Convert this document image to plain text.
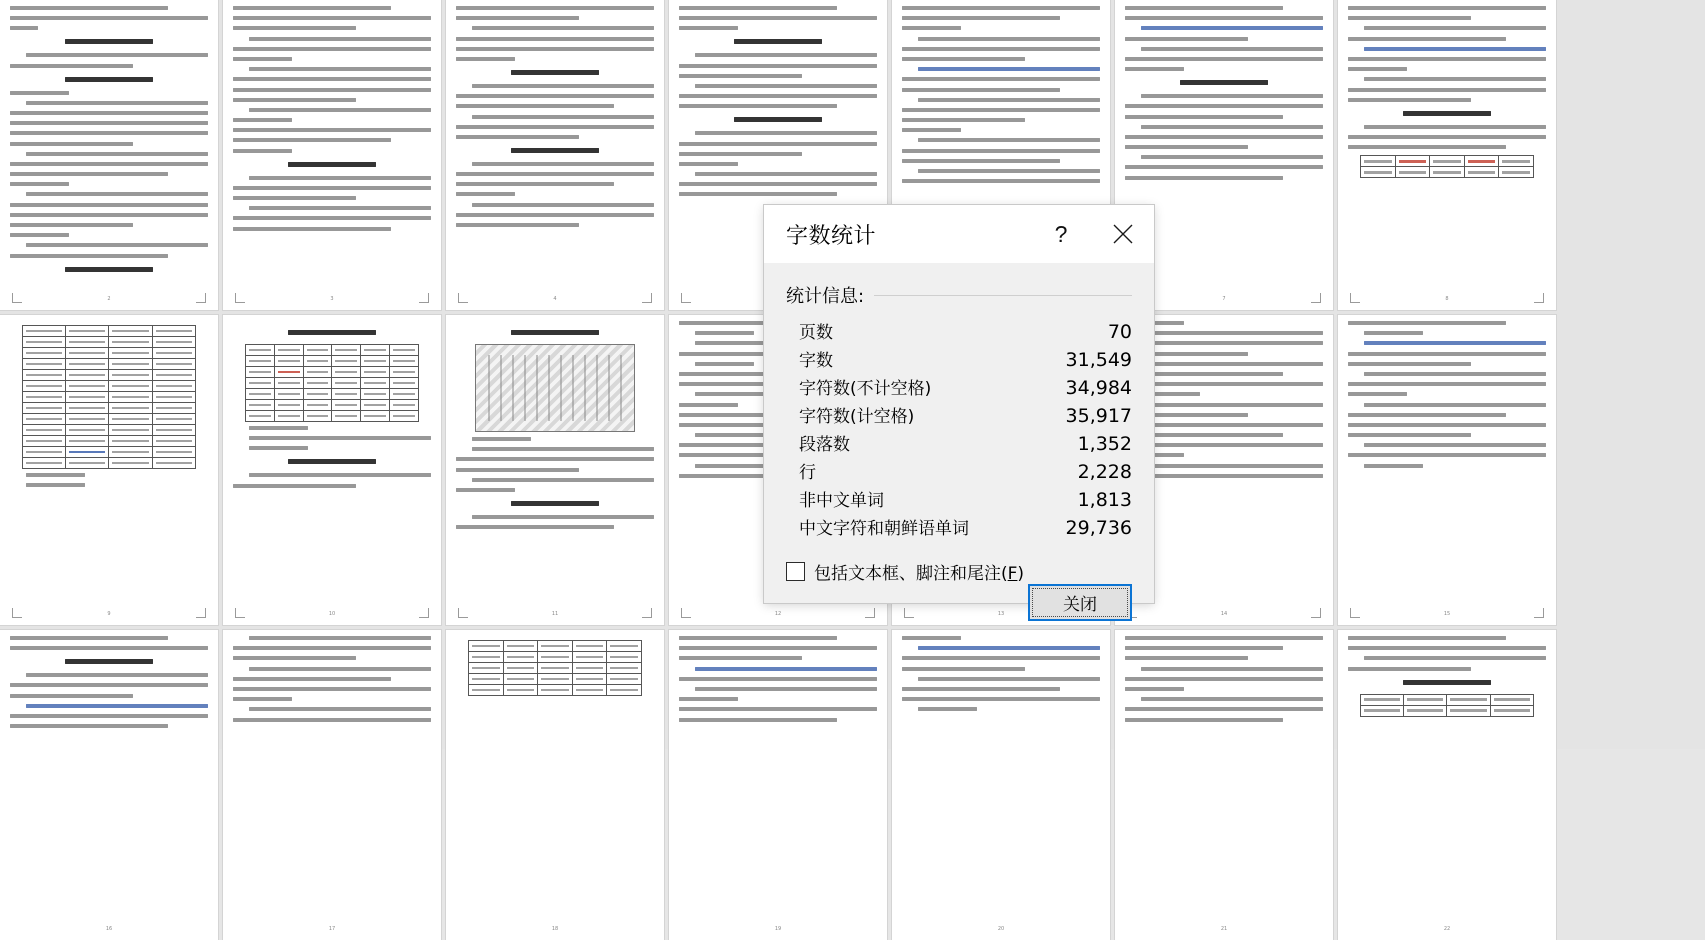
2	3	4	7

		8

9

		10	11	12	13	14	15
16	17

		18	19	20	21

		22
字数统计	?
统计信息:
页数	70
字数	31,549
字符数(不计空格)	34,984
字符数(计空格)	35,917
段落数	1,352
行	2,228
非中文单词	1,813
中文字符和朝鲜语单词	29,736
包括文本框、脚注和尾注(F)
关闭
